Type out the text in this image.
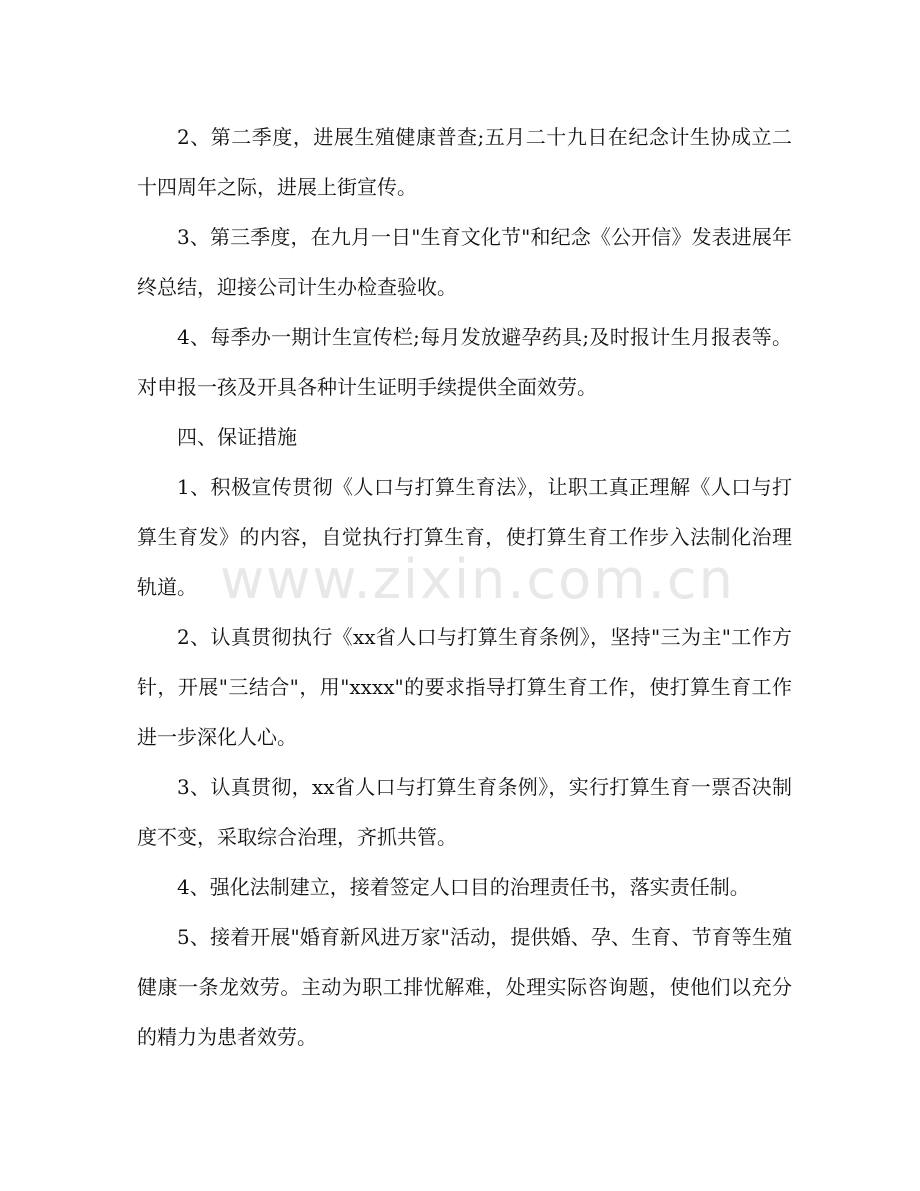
2、第二季度，进展生殖健康普查;五月二十九日在纪念计生协成立二十四周年之际，进展上街宣传。

3、第三季度，在九月一日"生育文化节"和纪念《公开信》发表进展年终总结，迎接公司计生办检查验收。

4、每季办一期计生宣传栏;每月发放避孕药具;及时报计生月报表等。对申报一孩及开具各种计生证明手续提供全面效劳。

四、保证措施

1、积极宣传贯彻《人口与打算生育法》，让职工真正理解《人口与打算生育发》的内容，自觉执行打算生育，使打算生育工作步入法制化治理轨道。

2、认真贯彻执行《xx省人口与打算生育条例》，坚持"三为主"工作方针，开展"三结合"，用"xxxx"的要求指导打算生育工作，使打算生育工作进一步深化人心。

3、认真贯彻，xx省人口与打算生育条例》，实行打算生育一票否决制度不变，采取综合治理，齐抓共管。

4、强化法制建立，接着签定人口目的治理责任书，落实责任制。

5、接着开展"婚育新风进万家"活动，提供婚、孕、生育、节育等生殖健康一条龙效劳。主动为职工排忧解难，处理实际咨询题，使他们以充分的精力为患者效劳。

www.zixin.com.cn
